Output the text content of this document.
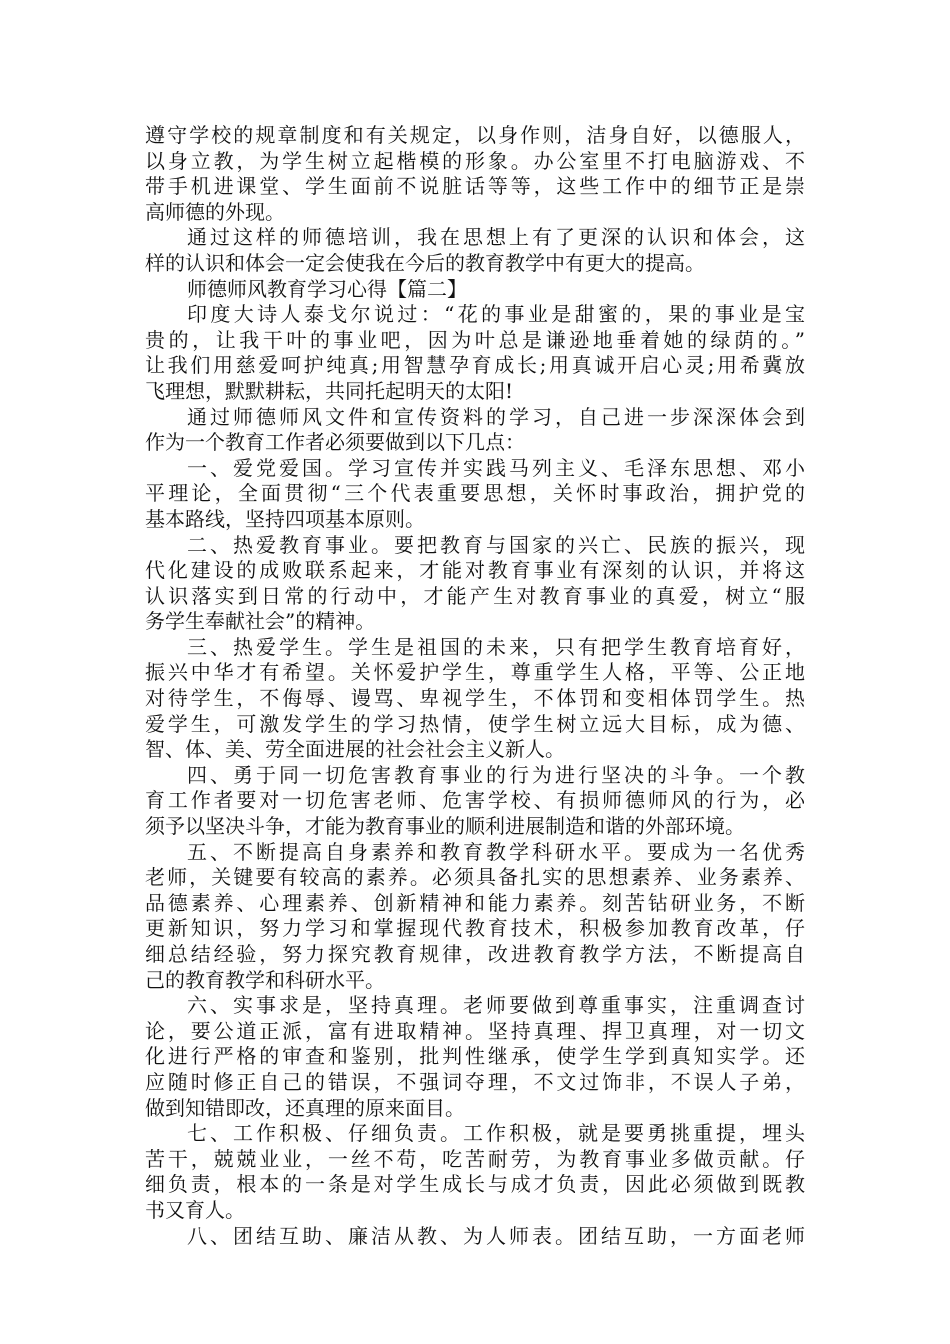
遵守学校的规章制度和有关规定，以身作则，洁身自好，以德服人，
以身立教，为学生树立起楷模的形象。办公室里不打电脑游戏、不
带手机进课堂、学生面前不说脏话等等，这些工作中的细节正是崇
高师德的外现。
通过这样的师德培训，我在思想上有了更深的认识和体会，这
样的认识和体会一定会使我在今后的教育教学中有更大的提高。
师德师风教育学习心得【篇二】
印度大诗人泰戈尔说过：“花的事业是甜蜜的，果的事业是宝
贵的，让我干叶的事业吧，因为叶总是谦逊地垂着她的绿荫的。”
让我们用慈爱呵护纯真;用智慧孕育成长;用真诚开启心灵;用希冀放
飞理想，默默耕耘，共同托起明天的太阳!
通过师德师风文件和宣传资料的学习，自己进一步深深体会到
作为一个教育工作者必须要做到以下几点：
一、爱党爱国。学习宣传并实践马列主义、毛泽东思想、邓小
平理论，全面贯彻“三个代表重要思想，关怀时事政治，拥护党的
基本路线，坚持四项基本原则。
二、热爱教育事业。要把教育与国家的兴亡、民族的振兴，现
代化建设的成败联系起来，才能对教育事业有深刻的认识，并将这
认识落实到日常的行动中，才能产生对教育事业的真爱，树立“服
务学生奉献社会”的精神。
三、热爱学生。学生是祖国的未来，只有把学生教育培育好，
振兴中华才有希望。关怀爱护学生，尊重学生人格，平等、公正地
对待学生，不侮辱、谩骂、卑视学生，不体罚和变相体罚学生。热
爱学生，可激发学生的学习热情，使学生树立远大目标，成为德、
智、体、美、劳全面进展的社会社会主义新人。
四、勇于同一切危害教育事业的行为进行坚决的斗争。一个教
育工作者要对一切危害老师、危害学校、有损师德师风的行为，必
须予以坚决斗争，才能为教育事业的顺利进展制造和谐的外部环境。
五、不断提高自身素养和教育教学科研水平。要成为一名优秀
老师，关键要有较高的素养。必须具备扎实的思想素养、业务素养、
品德素养、心理素养、创新精神和能力素养。刻苦钻研业务，不断
更新知识，努力学习和掌握现代教育技术，积极参加教育改革，仔
细总结经验，努力探究教育规律，改进教育教学方法，不断提高自
己的教育教学和科研水平。
六、实事求是，坚持真理。老师要做到尊重事实，注重调查讨
论，要公道正派，富有进取精神。坚持真理、捍卫真理，对一切文
化进行严格的审查和鉴别，批判性继承，使学生学到真知实学。还
应随时修正自己的错误，不强词夺理，不文过饰非，不误人子弟，
做到知错即改，还真理的原来面目。
七、工作积极、仔细负责。工作积极，就是要勇挑重提，埋头
苦干，兢兢业业，一丝不苟，吃苦耐劳，为教育事业多做贡献。仔
细负责，根本的一条是对学生成长与成才负责，因此必须做到既教
书又育人。
八、团结互助、廉洁从教、为人师表。团结互助，一方面老师
